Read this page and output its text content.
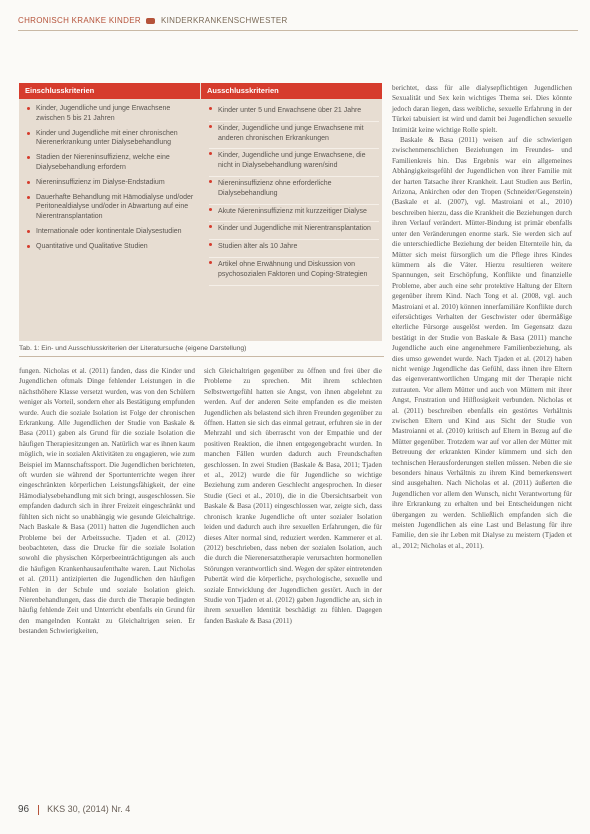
CHRONISCH KRANKE KINDER	KINDERKRANKENSCHWESTER
Einschlusskriterien	Ausschlusskriterien
Kinder, Jugendliche und junge Erwachsene zwischen 5 bis 21 Jahren
Kinder und Jugendliche mit einer chronischen Nierenerkrankung unter Dialysebehandlung
Stadien der Niereninsuffizienz, welche eine Dialysebehandlung erfordern
Niereninsuffizienz im Dialyse-Endstadium
Dauerhafte Behandlung mit Hämodialyse und/oder Peritonealdialyse und/oder in Abwartung auf eine Nierentransplantation
Internationale oder kontinentale Dialysestudien
Quantitative und Qualitative Studien
Kinder unter 5 und Erwachsene über 21 Jahre
Kinder, Jugendliche und junge Erwachsene mit anderen chronischen Erkrankungen
Kinder, Jugendliche und junge Erwachsene, die nicht in Dialysebehandlung waren/sind
Niereninsuffizienz ohne erforderliche Dialysebehandlung
Akute Niereninsuffizienz mit kurzzeitiger Dialyse
Kinder und Jugendliche mit Nierentransplantation
Studien älter als 10 Jahre
Artikel ohne Erwähnung und Diskussion von psychosozialen Faktoren und Coping-Strategien
Tab. 1: Ein- und Ausschlusskriterien der Literatursuche (eigene Darstellung)

fungen. Nicholas et al. (2011) fanden, dass die Kinder und Jugendlichen oftmals Dinge fehlender Leistungen in die nächsthöhere Klasse versetzt wurden, was von den Schülern weniger als Vorteil, sondern eher als Bestätigung empfunden wurde. Auch die soziale Isolation ist Folge der chronischen Erkrankung. Alle Jugendlichen der Studie von Baskale & Basa (2011) gaben als Grund für die soziale Isolation die häufigen Therapiesitzungen an. Natürlich war es ihnen kaum möglich, wie in sozialen Aktivitäten zu engagieren, wie zum Beispiel im Mannschaftssport. Die Jugendlichen berichteten, oft wurden sie während der Sportunterrichte wegen ihrer eingeschränkten körperlichen Leistungsfähigkeit, der eine Hämodialysebehandlung mit sich bringt, ausgeschlossen. Sie empfanden dadurch sich in ihrer Freizeit eingeschränkt und fühlten sich nicht so unabhängig wie gesunde Gleichaltrige. Nach Baskale & Basa (2011) hatten die Jugendlichen auch Probleme bei der Arbeitssuche. Tjaden et al. (2012) beobachteten, dass die Drucke für die soziale Isolation sowohl die physischen Körperbeeinträchtigungen als auch die häufigen Krankenhausaufenthalte waren. Laut Nicholas et al. (2011) antizipierten die Jugendlichen den häufigen Fehlen in der Schule und soziale Isolation gleich. Nierenbehandlungen, dass die durch die Therapie bedingten häufig fehlende Zeit und Unterricht ebenfalls ein Grund für den mangelnden Kontakt zu Gleichaltrigen seien. Er bestanden Schwierigkeiten,

sich Gleichaltrigen gegenüber zu öffnen und frei über die Probleme zu sprechen. Mit ihrem schlechten Selbstwertgefühl hatten sie Angst, von ihnen abgelehnt zu werden. Auf der anderen Seite empfanden es die meisten Jugendlichen als belastend sich ihren Freunden gegenüber zu öffnen. Hatten sie sich das einmal getraut, erfuhren sie in der Mehrzahl und sich überrascht von der Empathie und der positiven Reaktion, die ihnen entgegengebracht wurden. In manchen Fällen wurden dadurch auch Freundschaften geschlossen. In zwei Studien (Baskale & Basa, 2011; Tjaden et al., 2012) wurde die für Jugendliche so wichtige Beziehung zum anderen Geschlecht angesprochen. In dieser Studie (Geci et al., 2010), die in die Übersichtsarbeit von Baskale & Basa (2011) eingeschlossen war, zeigte sich, dass chronisch kranke Jugendliche oft unter sozialer Isolation leiden und dadurch auch ihre sexuellen Erfahrungen, die für dieses Alter normal sind, reduziert werden. Kammerer et al. (2012) beschrieben, dass neben der sozialen Isolation, auch die durch die Nierenersatztherapie verursachten hormonellen Störungen verantwortlich sind. Wegen der später eintretenden Pubertät wird die körperliche, psychologische, sexuelle und soziale Entwicklung der Jugendlichen gestört. Auch in der Studie von Tjaden et al. (2012) gaben Jugendliche an, sich in ihrem sexuellen Identität beschädigt zu fühlen. Dagegen fanden Baskale & Basa (2011)

berichtet, dass für alle dialysepflichtigen Jugendlichen Sexualität und Sex kein wichtiges Thema sei. Dies könnte jedoch daran liegen, dass weibliche, sexuelle Erfahrung in der Türkei tabuisiert ist wird und damit bei Jugendlichen sexuelle Intimität keine wichtige Rolle spielt.

Baskale & Basa (2011) weisen auf die schwierigen zwischenmenschlichen Beziehungen im Freundes- und Familienkreis hin. Das Ergebnis war ein allgemeines Abhängigkeitsgefühl der Jugendlichen von ihrer Familie mit der harten Tatsache ihrer Krankheit. Laut Studien aus Berlin, Arizona, Ankirchen oder den Tropen (Schneider/Gegenstein) (Baskale et al. (2007), vgl. Mastroiani et al., 2010) beschreiben hierzu, dass die Krankheit die Beziehungen durch ihren Verlauf verändert. Mütter-Bindung ist primär ebenfalls unter den Veränderungen enorme stark. Sie werden sich auf die unterschiedliche Beziehung der beiden Elternteile hin, da Mütter sich meist fürsorglich um die Pflege ihres Kindes kümmern als die Väter. Hierzu resultieren weitere Spannungen, seit Erschöpfung, Konflikte und finanzielle Probleme, aber auch eine sehr protektive Haltung der Eltern gegenüber ihrem Kind. Nach Tong et al. (2008, vgl. auch Mastroiani et al. 2010) können innerfamiliäre Konflikte durch eifersüchtiges Verhalten der Geschwister oder übermäßige elterliche Fürsorge ausgelöst werden. Im Gegensatz dazu bestätigt in der Studie von Baskale & Basa (2011) manche Jugendliche auch eine angenehmere Familienbeziehung, als dies umso gewendet wurde. Nach Tjaden et al. (2012) haben nicht wenige Jugendliche das Gefühl, dass ihnen ihre Eltern das eigenverantwortlichen Umgang mit der Therapie nicht zutrauten. Vor allem Mütter und auch von Müttern mit ihrer Angst, Frustration und Hilflosigkeit verbunden. Nicholas et al. (2011) beschreiben ebenfalls ein gestörtes Verhältnis zwischen Eltern und Kind aus Sicht der Studie von Mastroianni et al. (2010) kritisch auf Eltern in Bezug auf die Mütter gegenüber. Trotzdem war auf vor allen der Mütter mit Betreuung der erkrankten Kinder kümmern und sich den technischen Herausforderungen stellen müssen. Neben die sie besonders hinaus Verhältnis zu ihrem Kind bemerkenswert sind ausgehalten. Nach Nicholas et al. (2011) äußerten die Jugendlichen vor allem den Wunsch, nicht Verantwortung für ihre Erkrankung zu erhalten und bei Entscheidungen nicht übergangen zu werden. Schließlich empfanden sich die meisten Jugendlichen als eine Last und Belastung für ihre Familie, den sie ihr Leben mit Dialyse zu meistern (Tjaden et al., 2012; Nicholas et al., 2011).

96 KKS 30, (2014) Nr. 4
